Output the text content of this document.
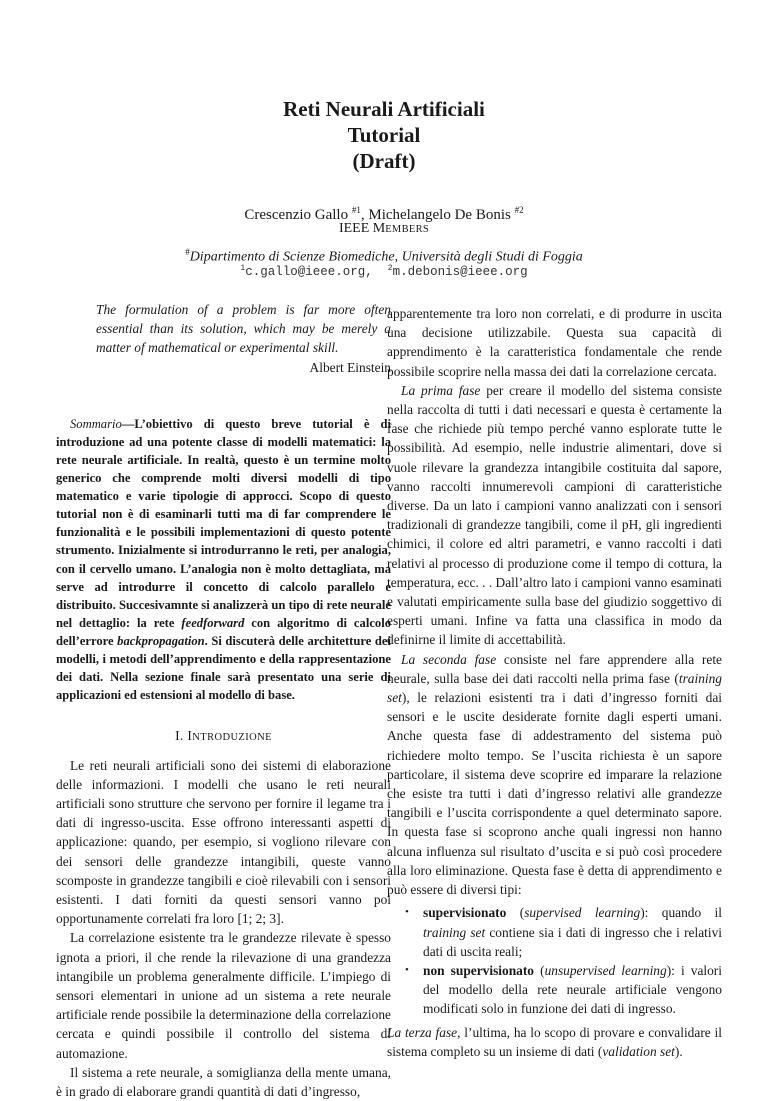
Reti Neurali Artificiali
Tutorial
(Draft)
Crescenzio Gallo $^{\#1}$, Michelangelo De Bonis $^{\#2}$
IEEE MEMBERS
#Dipartimento di Scienze Biomediche, Università degli Studi di Foggia
$^1$c.gallo@ieee.org, $^2$m.debonis@ieee.org
The formulation of a problem is far more often essential than its solution, which may be merely a matter of mathematical or experimental skill.
Albert Einstein
Sommario—L’obiettivo di questo breve tutorial è di introduzione ad una potente classe di modelli matematici: la rete neurale artificiale. In realtà, questo è un termine molto generico che comprende molti diversi modelli di tipo matematico e varie tipologie di approcci. Scopo di questo tutorial non è di esaminarli tutti ma di far comprendere le funzionalità e le possibili implementazioni di questo potente strumento. Inizialmente si introdurranno le reti, per analogia, con il cervello umano. L’analogia non è molto dettagliata, ma serve ad introdurre il concetto di calcolo parallelo e distribuito. Succesivamnte si analizzerà un tipo di rete neurale nel dettaglio: la rete feedforward con algoritmo di calcolo dell’errore backpropagation. Si discuterà delle architetture dei modelli, i metodi dell’apprendimento e della rappresentazione dei dati. Nella sezione finale sarà presentato una serie di applicazioni ed estensioni al modello di base.
I. INTRODUZIONE

Le reti neurali artificiali sono dei sistemi di elaborazione delle informazioni. I modelli che usano le reti neurali artificiali sono strutture che servono per fornire il legame tra i dati di ingresso-uscita. Esse offrono interessanti aspetti di applicazione: quando, per esempio, si vogliono rilevare con dei sensori delle grandezze intangibili, queste vanno scomposte in grandezze tangibili e cioè rilevabili con i sensori esistenti. I dati forniti da questi sensori vanno poi opportunamente correlati fra loro [1; 2; 3].

La correlazione esistente tra le grandezze rilevate è spesso ignota a priori, il che rende la rilevazione di una grandezza intangibile un problema generalmente difficile. L’impiego di sensori elementari in unione ad un sistema a rete neurale artificiale rende possibile la determinazione della correlazione cercata e quindi possibile il controllo del sistema di automazione.

Il sistema a rete neurale, a somiglianza della mente umana, è in grado di elaborare grandi quantità di dati d’ingresso,

apparentemente tra loro non correlati, e di produrre in uscita una decisione utilizzabile. Questa sua capacità di apprendimento è la caratteristica fondamentale che rende possibile scoprire nella massa dei dati la correlazione cercata.

La prima fase per creare il modello del sistema consiste nella raccolta di tutti i dati necessari e questa è certamente la fase che richiede più tempo perché vanno esplorate tutte le possibilità. Ad esempio, nelle industrie alimentari, dove si vuole rilevare la grandezza intangibile costituita dal sapore, vanno raccolti innumerevoli campioni di caratteristiche diverse. Da un lato i campioni vanno analizzati con i sensori tradizionali di grandezze tangibili, come il pH, gli ingredienti chimici, il colore ed altri parametri, e vanno raccolti i dati relativi al processo di produzione come il tempo di cottura, la temperatura, ecc. . . Dall’altro lato i campioni vanno esaminati e valutati empiricamente sulla base del giudizio soggettivo di esperti umani. Infine va fatta una classifica in modo da definirne il limite di accettabilità.

La seconda fase consiste nel fare apprendere alla rete neurale, sulla base dei dati raccolti nella prima fase (training set), le relazioni esistenti tra i dati d’ingresso forniti dai sensori e le uscite desiderate fornite dagli esperti umani. Anche questa fase di addestramento del sistema può richiedere molto tempo. Se l’uscita richiesta è un sapore particolare, il sistema deve scoprire ed imparare la relazione che esiste tra tutti i dati d’ingresso relativi alle grandezze tangibili e l’uscita corrispondente a quel determinato sapore. In questa fase si scoprono anche quali ingressi non hanno alcuna influenza sul risultato d’uscita e si può così procedere alla loro eliminazione. Questa fase è detta di apprendimento e può essere di diversi tipi:

• supervisionato (supervised learning): quando il training set contiene sia i dati di ingresso che i relativi dati di uscita reali;
• non supervisionato (unsupervised learning): i valori del modello della rete neurale artificiale vengono modificati solo in funzione dei dati di ingresso.

La terza fase, l’ultima, ha lo scopo di provare e convalidare il sistema completo su un insieme di dati (validation set).
